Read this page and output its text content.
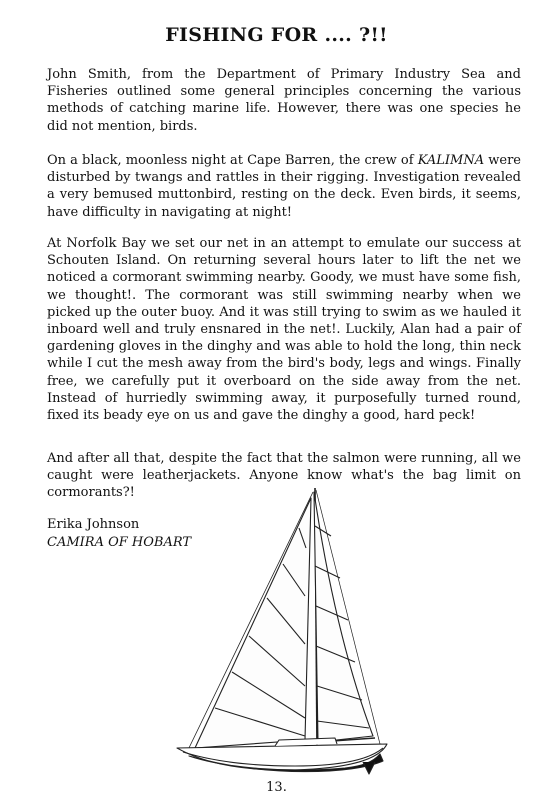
FISHING FOR .... ?!!

John Smith, from the Department of Primary Industry Sea and Fisheries outlined some general principles concerning the various methods of catching marine life. However, there was one species he did not mention, birds.

On a black, moonless night at Cape Barren, the crew of KALIMNA were disturbed by twangs and rattles in their rigging. Investigation revealed a very bemused muttonbird, resting on the deck. Even birds, it seems, have difficulty in navigating at night!

At Norfolk Bay we set our net in an attempt to emulate our success at Schouten Island. On returning several hours later to lift the net we noticed a cormorant swimming nearby. Goody, we must have some fish, we thought!. The cormorant was still swimming nearby when we picked up the outer buoy. And it was still trying to swim as we hauled it inboard well and truly ensnared in the net!. Luckily, Alan had a pair of gardening gloves in the dinghy and was able to hold the long, thin neck while I cut the mesh away from the bird's body, legs and wings. Finally free, we carefully put it overboard on the side away from the net. Instead of hurriedly swimming away, it purposefully turned round, fixed its beady eye on us and gave the dinghy a good, hard peck!

And after all that, despite the fact that the salmon were running, all we caught were leatherjackets. Anyone know what's the bag limit on cormorants?!

Erika Johnson
CAMIRA OF HOBART
13.
